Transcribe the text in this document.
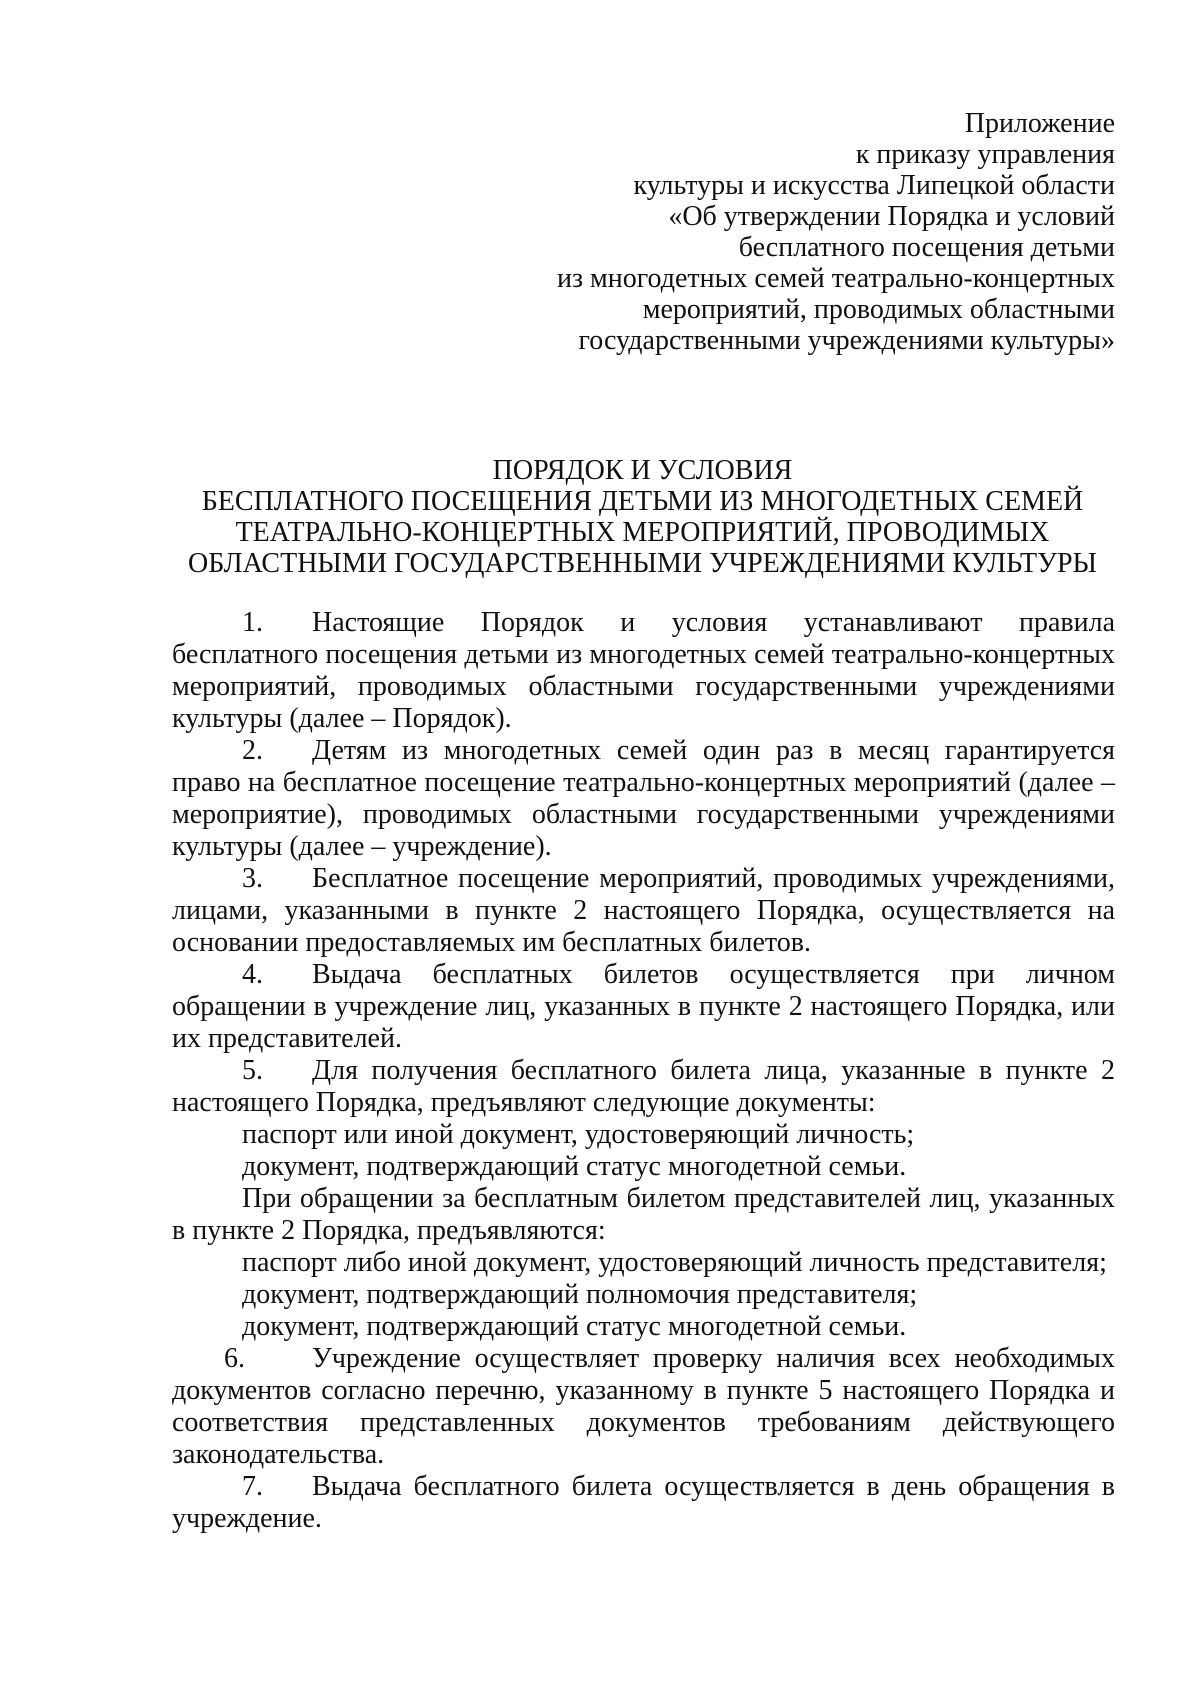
Приложение
к приказу управления
культуры и искусства Липецкой области
«Об утверждении Порядка и условий
бесплатного посещения детьми
из многодетных семей театрально-концертных
мероприятий, проводимых областными
государственными учреждениями культуры»
ПОРЯДОК И УСЛОВИЯ
БЕСПЛАТНОГО ПОСЕЩЕНИЯ ДЕТЬМИ ИЗ МНОГОДЕТНЫХ СЕМЕЙ
ТЕАТРАЛЬНО-КОНЦЕРТНЫХ МЕРОПРИЯТИЙ, ПРОВОДИМЫХ
ОБЛАСТНЫМИ ГОСУДАРСТВЕННЫМИ УЧРЕЖДЕНИЯМИ КУЛЬТУРЫ

1. Настоящие Порядок и условия устанавливают правила бесплатного посещения детьми из многодетных семей театрально-концертных мероприятий, проводимых областными государственными учреждениями культуры (далее – Порядок).

2. Детям из многодетных семей один раз в месяц гарантируется право на бесплатное посещение театрально-концертных мероприятий (далее – мероприятие), проводимых областными государственными учреждениями культуры (далее – учреждение).

3. Бесплатное посещение мероприятий, проводимых учреждениями, лицами, указанными в пункте 2 настоящего Порядка, осуществляется на основании предоставляемых им бесплатных билетов.

4. Выдача бесплатных билетов осуществляется при личном обращении в учреждение лиц, указанных в пункте 2 настоящего Порядка, или их представителей.

5. Для получения бесплатного билета лица, указанные в пункте 2 настоящего Порядка, предъявляют следующие документы:

паспорт или иной документ, удостоверяющий личность;

документ, подтверждающий статус многодетной семьи.

При обращении за бесплатным билетом представителей лиц, указанных в пункте 2 Порядка, предъявляются:

паспорт либо иной документ, удостоверяющий личность представителя;

документ, подтверждающий полномочия представителя;

документ, подтверждающий статус многодетной семьи.

6. Учреждение осуществляет проверку наличия всех необходимых документов согласно перечню, указанному в пункте 5 настоящего Порядка и соответствия представленных документов требованиям действующего законодательства.

7. Выдача бесплатного билета осуществляется в день обращения в учреждение.
